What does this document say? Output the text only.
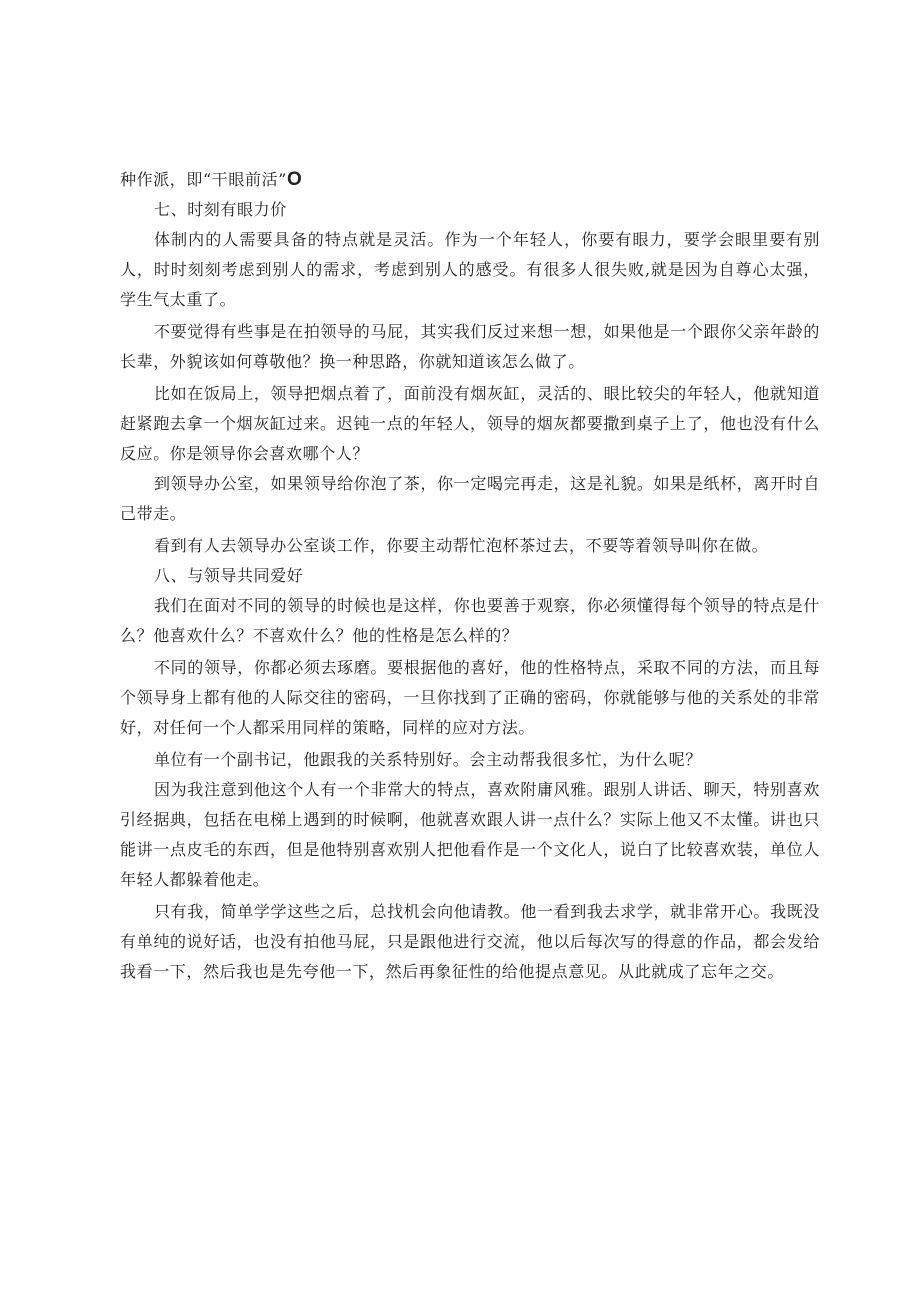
种作派，即“干眼前活”O

七、时刻有眼力价

体制内的人需要具备的特点就是灵活。作为一个年轻人，你要有眼力，要学会眼里要有别人，时时刻刻考虑到别人的需求，考虑到别人的感受。有很多人很失败,就是因为自尊心太强，学生气太重了。

不要觉得有些事是在拍领导的马屁，其实我们反过来想一想，如果他是一个跟你父亲年龄的长辈，外貌该如何尊敬他？换一种思路，你就知道该怎么做了。

比如在饭局上，领导把烟点着了，面前没有烟灰缸，灵活的、眼比较尖的年轻人，他就知道赶紧跑去拿一个烟灰缸过来。迟钝一点的年轻人，领导的烟灰都要撒到桌子上了，他也没有什么反应。你是领导你会喜欢哪个人？

到领导办公室，如果领导给你泡了茶，你一定喝完再走，这是礼貌。如果是纸杯，离开时自己带走。

看到有人去领导办公室谈工作，你要主动帮忙泡杯茶过去，不要等着领导叫你在做。

八、与领导共同爱好

我们在面对不同的领导的时候也是这样，你也要善于观察，你必须懂得每个领导的特点是什么？他喜欢什么？不喜欢什么？他的性格是怎么样的？

不同的领导，你都必须去琢磨。要根据他的喜好，他的性格特点，采取不同的方法，而且每个领导身上都有他的人际交往的密码，一旦你找到了正确的密码，你就能够与他的关系处的非常好，对任何一个人都采用同样的策略，同样的应对方法。

单位有一个副书记，他跟我的关系特别好。会主动帮我很多忙，为什么呢？

因为我注意到他这个人有一个非常大的特点，喜欢附庸风雅。跟别人讲话、聊天，特别喜欢引经据典，包括在电梯上遇到的时候啊，他就喜欢跟人讲一点什么？实际上他又不太懂。讲也只能讲一点皮毛的东西，但是他特别喜欢别人把他看作是一个文化人，说白了比较喜欢装，单位人年轻人都躲着他走。

只有我，简单学学这些之后，总找机会向他请教。他一看到我去求学，就非常开心。我既没有单纯的说好话，也没有拍他马屁，只是跟他进行交流，他以后每次写的得意的作品，都会发给我看一下，然后我也是先夸他一下，然后再象征性的给他提点意见。从此就成了忘年之交。
